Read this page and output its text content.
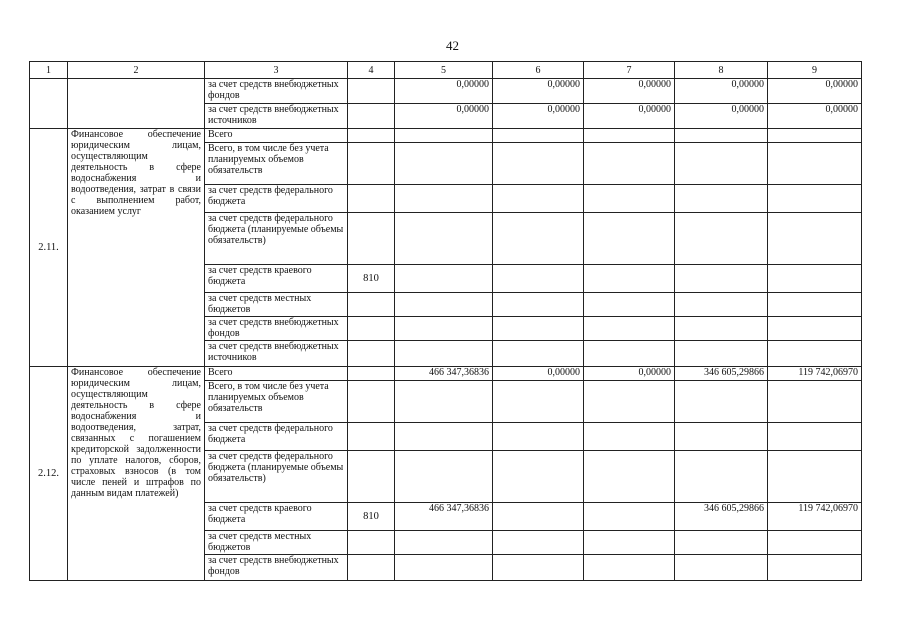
42
1	2	3	4	5	6	7	8	9
		за счет средств внебюджетных фондов		0,00000	0,00000	0,00000	0,00000	0,00000
		за счет средств внебюджетных источников		0,00000	0,00000	0,00000	0,00000	0,00000
2.11.	Финансовое обеспечение юридическим лицам, осуществляющим деятельность в сфере водоснабжения и водоотведения, затрат в связи с выполнением работ, оказанием услуг	Всего						
		Всего, в том числе без учета планируемых объемов обязательств						
		за счет средств федерального бюджета						
		за счет средств федерального бюджета (планируемые объемы обязательств)						
		за счет средств краевого бюджета	810					
		за счет средств местных бюджетов						
		за счет средств внебюджетных фондов						
		за счет средств внебюджетных источников						
2.12.	Финансовое обеспечение юридическим лицам, осуществляющим деятельность в сфере водоснабжения и водоотведения, затрат, связанных с погашением кредиторской задолженности по уплате налогов, сборов, страховых взносов (в том числе пеней и штрафов по данным видам платежей)	Всего		466 347,36836	0,00000	0,00000	346 605,29866	119 742,06970
		Всего, в том числе без учета планируемых объемов обязательств						
		за счет средств федерального бюджета						
		за счет средств федерального бюджета (планируемые объемы обязательств)						
		за счет средств краевого бюджета	810	466 347,36836			346 605,29866	119 742,06970
		за счет средств местных бюджетов						
		за счет средств внебюджетных фондов						
